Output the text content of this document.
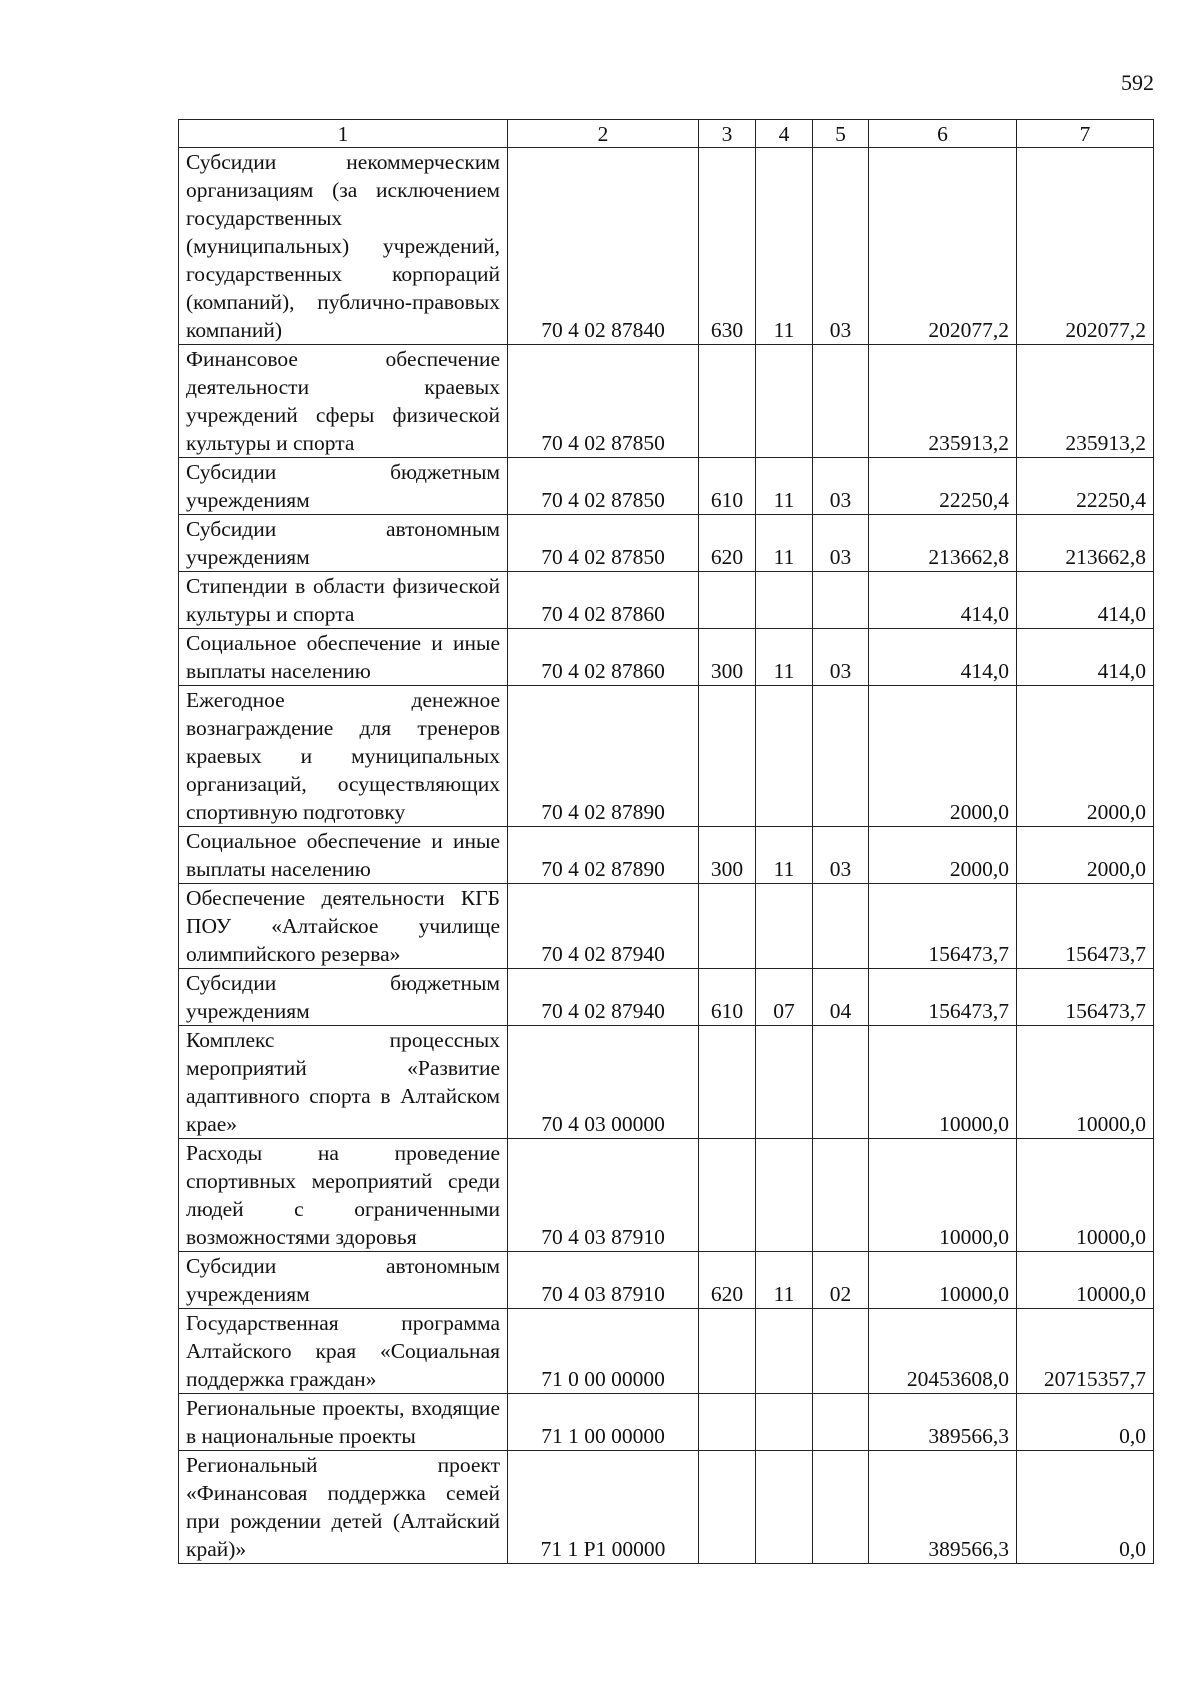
592
1	2	3	4	5	6	7
Субсидии некоммерческим организациям (за исключением государственных (муниципальных) учреждений, государственных корпораций (компаний), публично-правовых компаний)	70 4 02 87840	630	11	03	202077,2	202077,2
Финансовое обеспечение деятельности краевых учреждений сферы физической культуры и спорта	70 4 02 87850				235913,2	235913,2
Субсидии бюджетным учреждениям	70 4 02 87850	610	11	03	22250,4	22250,4
Субсидии автономным учреждениям	70 4 02 87850	620	11	03	213662,8	213662,8
Стипендии в области физической культуры и спорта	70 4 02 87860				414,0	414,0
Социальное обеспечение и иные выплаты населению	70 4 02 87860	300	11	03	414,0	414,0
Ежегодное денежное вознаграждение для тренеров краевых и муниципальных организаций, осуществляющих спортивную подготовку	70 4 02 87890				2000,0	2000,0
Социальное обеспечение и иные выплаты населению	70 4 02 87890	300	11	03	2000,0	2000,0
Обеспечение деятельности КГБ ПОУ «Алтайское училище олимпийского резерва»	70 4 02 87940				156473,7	156473,7
Субсидии бюджетным учреждениям	70 4 02 87940	610	07	04	156473,7	156473,7
Комплекс процессных мероприятий «Развитие адаптивного спорта в Алтайском крае»	70 4 03 00000				10000,0	10000,0
Расходы на проведение спортивных мероприятий среди людей с ограниченными возможностями здоровья	70 4 03 87910				10000,0	10000,0
Субсидии автономным учреждениям	70 4 03 87910	620	11	02	10000,0	10000,0
Государственная программа Алтайского края «Социальная поддержка граждан»	71 0 00 00000				20453608,0	20715357,7
Региональные проекты, входящие в национальные проекты	71 1 00 00000				389566,3	0,0
Региональный проект «Финансовая поддержка семей при рождении детей (Алтайский край)»	71 1 P1 00000				389566,3	0,0
